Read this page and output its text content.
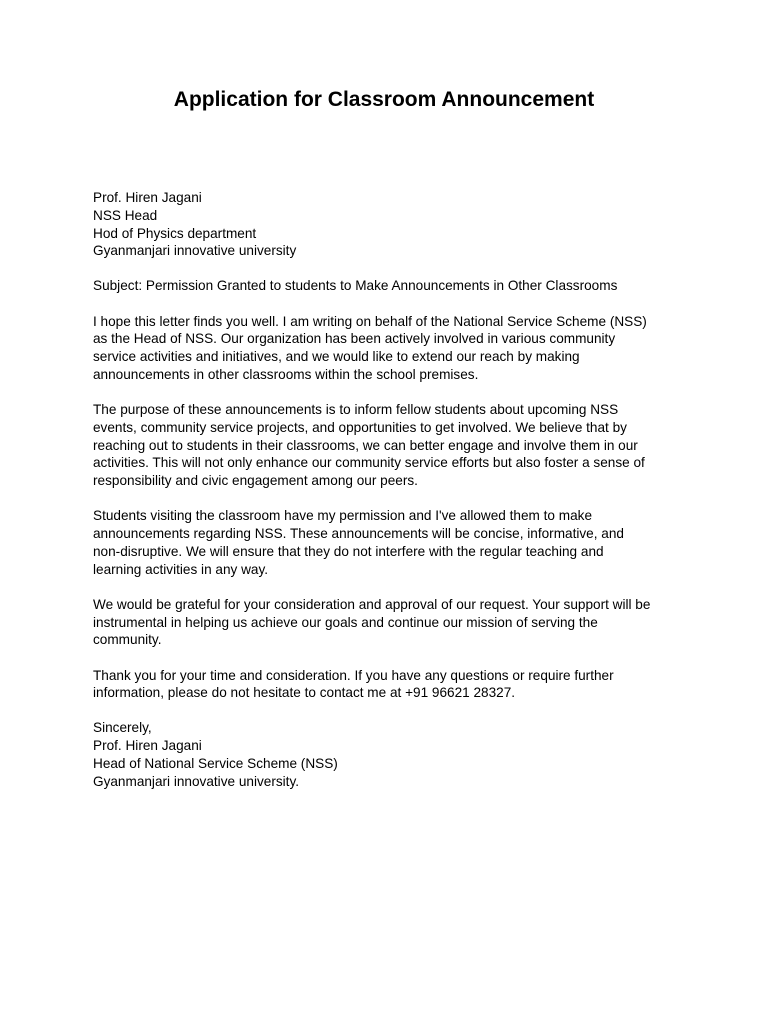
Application for Classroom Announcement
Prof. Hiren Jagani
NSS Head
Hod of Physics department
Gyanmanjari innovative university
Subject: Permission Granted to students to Make Announcements in Other Classrooms
I hope this letter finds you well. I am writing on behalf of the National Service Scheme (NSS)
as the Head of NSS. Our organization has been actively involved in various community
service activities and initiatives, and we would like to extend our reach by making
announcements in other classrooms within the school premises.
The purpose of these announcements is to inform fellow students about upcoming NSS
events, community service projects, and opportunities to get involved. We believe that by
reaching out to students in their classrooms, we can better engage and involve them in our
activities. This will not only enhance our community service efforts but also foster a sense of
responsibility and civic engagement among our peers.
Students visiting the classroom have my permission and I've allowed them to make
announcements regarding NSS. These announcements will be concise, informative, and
non-disruptive. We will ensure that they do not interfere with the regular teaching and
learning activities in any way.
We would be grateful for your consideration and approval of our request. Your support will be
instrumental in helping us achieve our goals and continue our mission of serving the
community.
Thank you for your time and consideration. If you have any questions or require further
information, please do not hesitate to contact me at +91 96621 28327.
Sincerely,
Prof. Hiren Jagani
Head of National Service Scheme (NSS)
Gyanmanjari innovative university.
